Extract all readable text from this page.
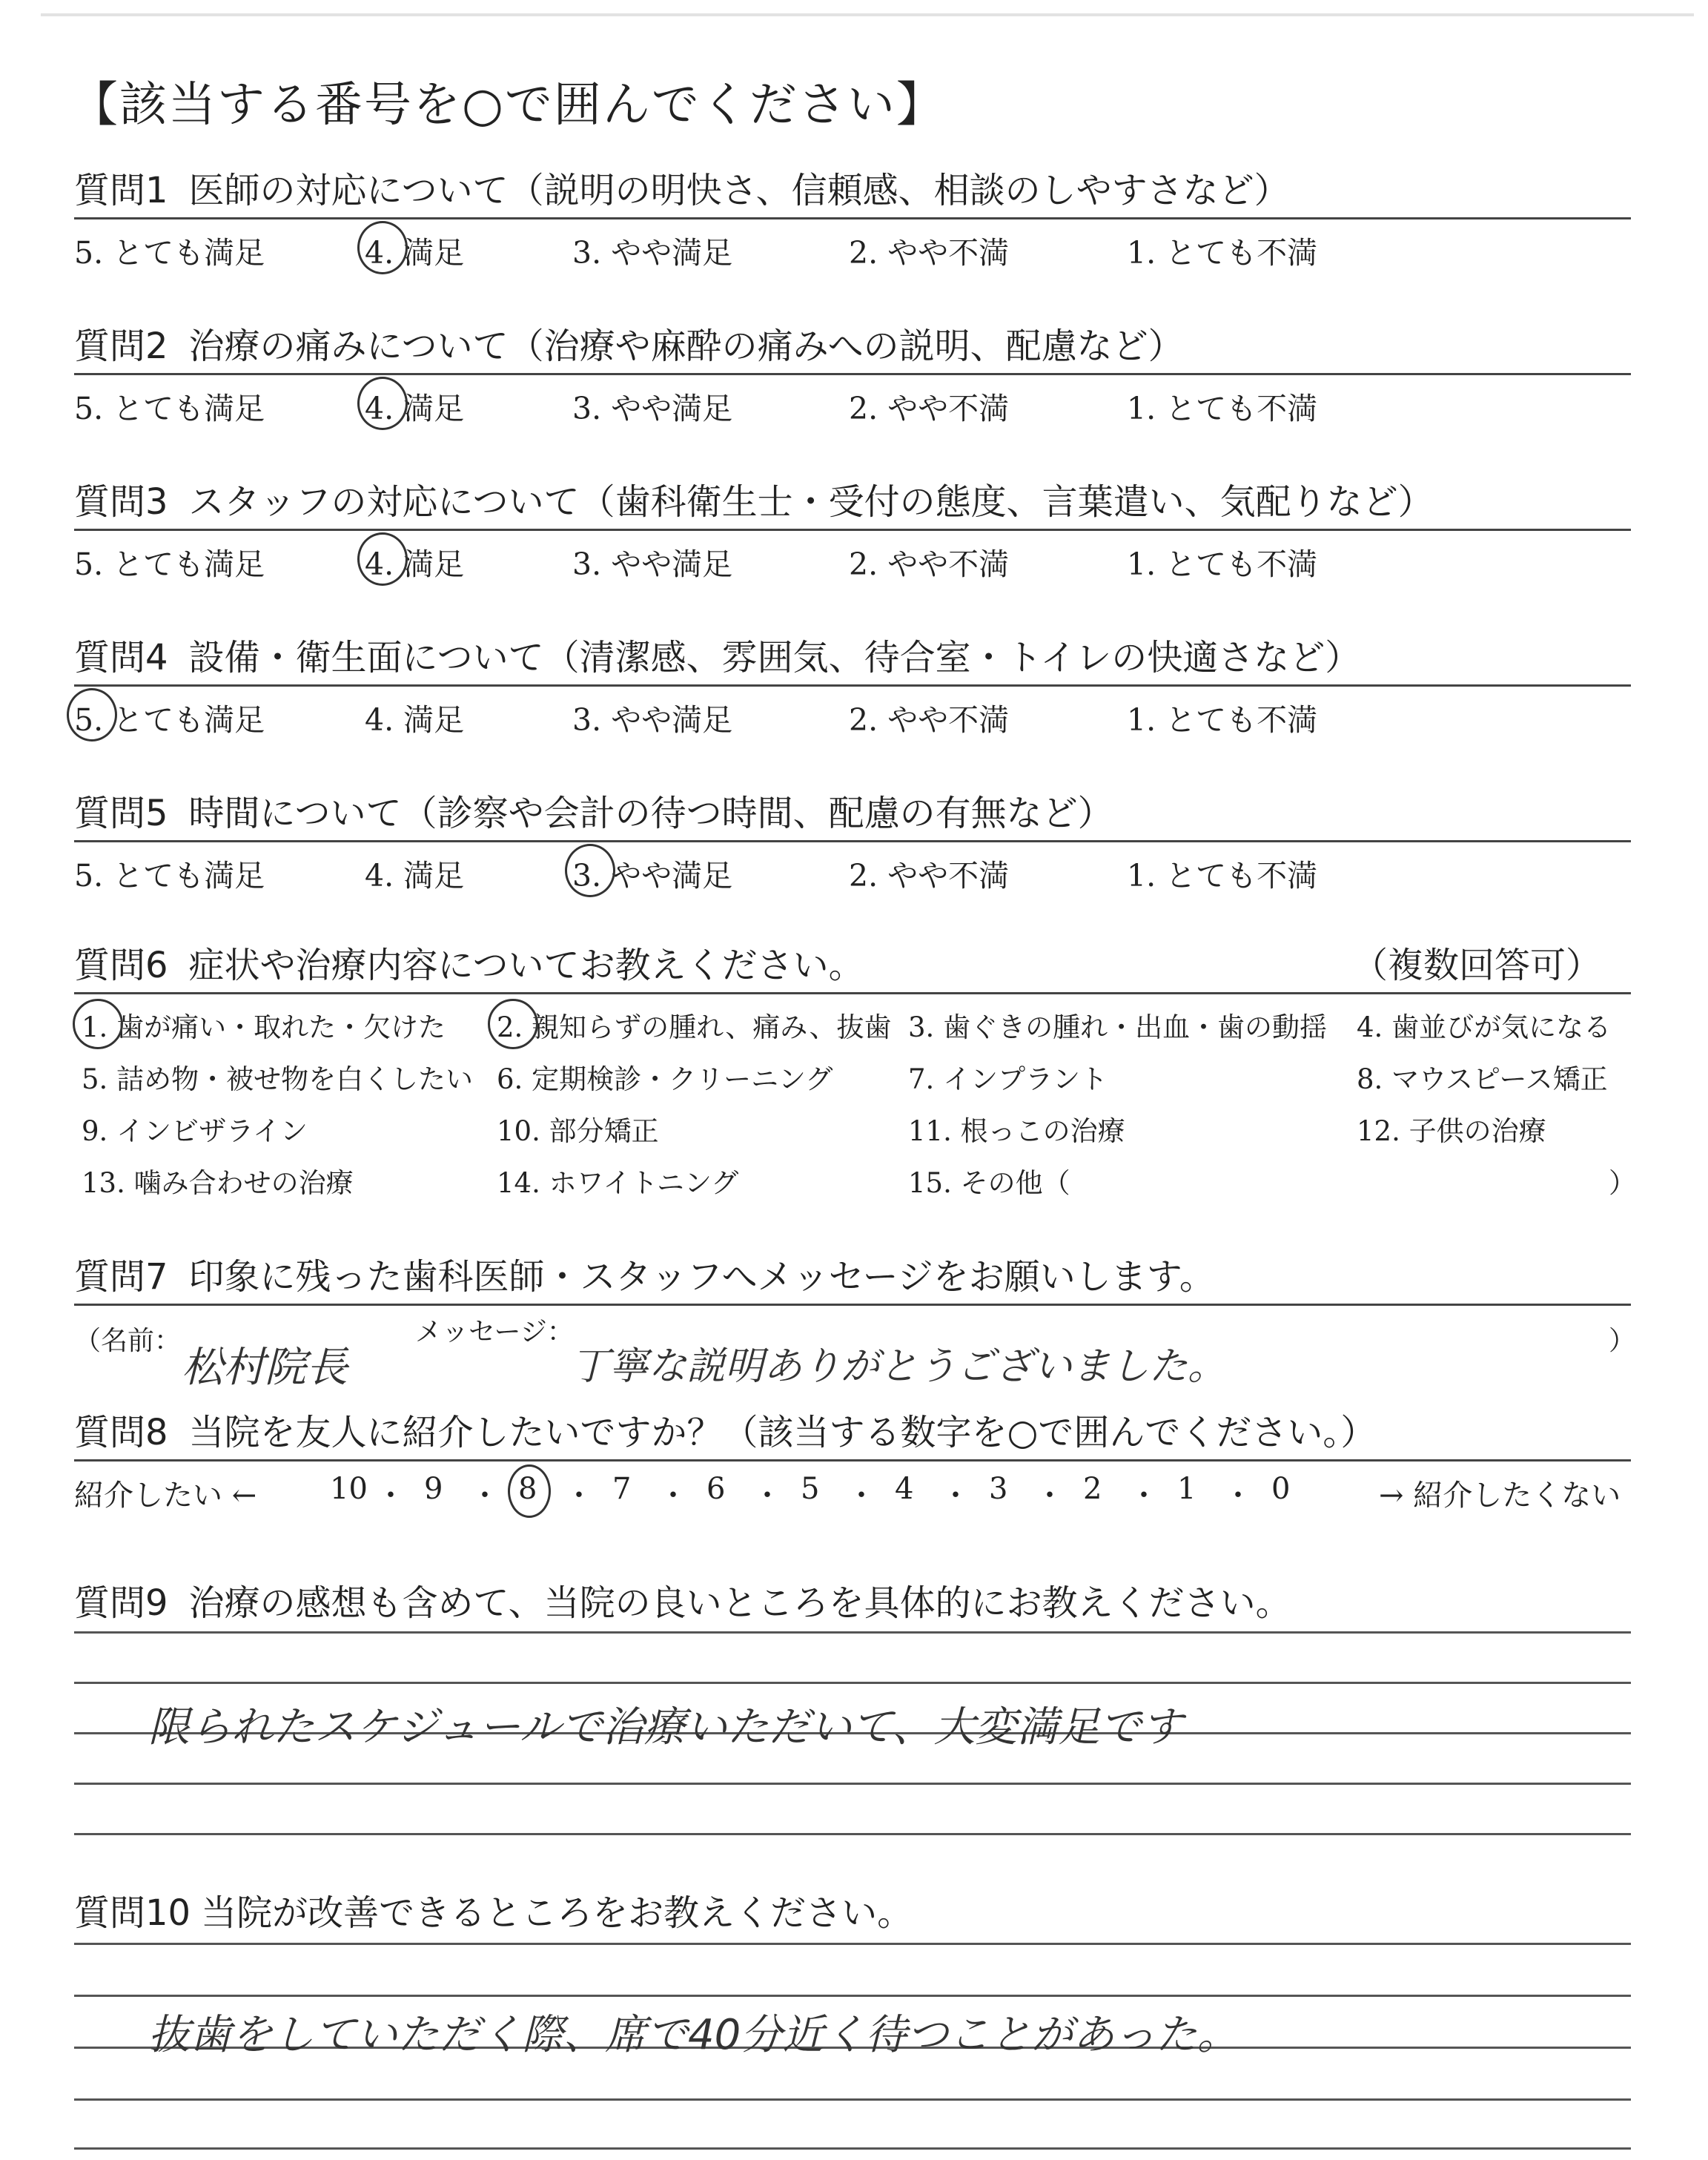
【該当する番号を○で囲んでください】
質問1 医師の対応について（説明の明快さ、信頼感、相談のしやすさなど）
5. とても満足	4. 満足	3. やや満足	2. やや不満	1. とても不満
質問2 治療の痛みについて（治療や麻酔の痛みへの説明、配慮など）
5. とても満足	4. 満足	3. やや満足	2. やや不満	1. とても不満
質問3 スタッフの対応について（歯科衛生士・受付の態度、言葉遣い、気配りなど）
5. とても満足	4. 満足	3. やや満足	2. やや不満	1. とても不満
質問4 設備・衛生面について（清潔感、雰囲気、待合室・トイレの快適さなど）
5. とても満足	4. 満足	3. やや満足	2. やや不満	1. とても不満
質問5 時間について（診察や会計の待つ時間、配慮の有無など）
5. とても満足	4. 満足	3. やや満足	2. やや不満	1. とても不満
質問6 症状や治療内容についてお教えください。	（複数回答可）
1. 歯が痛い・取れた・欠けた 2. 親知らずの腫れ、痛み、抜歯 3. 歯ぐきの腫れ・出血・歯の動揺 4. 歯並びが気になる
5. 詰め物・被せ物を白くしたい 6. 定期検診・クリーニング	7. インプラント	8. マウスピース矯正
9. インビザライン	10. 部分矯正	11. 根っこの治療	12. 子供の治療
13. 噛み合わせの治療	14. ホワイトニング	15. その他（	）
質問7 印象に残った歯科医師・スタッフへメッセージをお願いします。
（名前：	メッセージ：	）
松村院長	丁寧な説明ありがとうございました。
質問8 当院を友人に紹介したいですか？（該当する数字を○で囲んでください。）
紹介したい ← 10 ・ 9 ・ 8 ・ 7 ・ 6 ・ 5 ・ 4 ・ 3 ・ 2 ・ 1 ・ 0	→ 紹介したくない
質問9 治療の感想も含めて、当院の良いところを具体的にお教えください。
限られたスケジュールで治療いただいて、大変満足です
質問10 当院が改善できるところをお教えください。
抜歯をしていただく際、席で40分近く待つことがあった。
